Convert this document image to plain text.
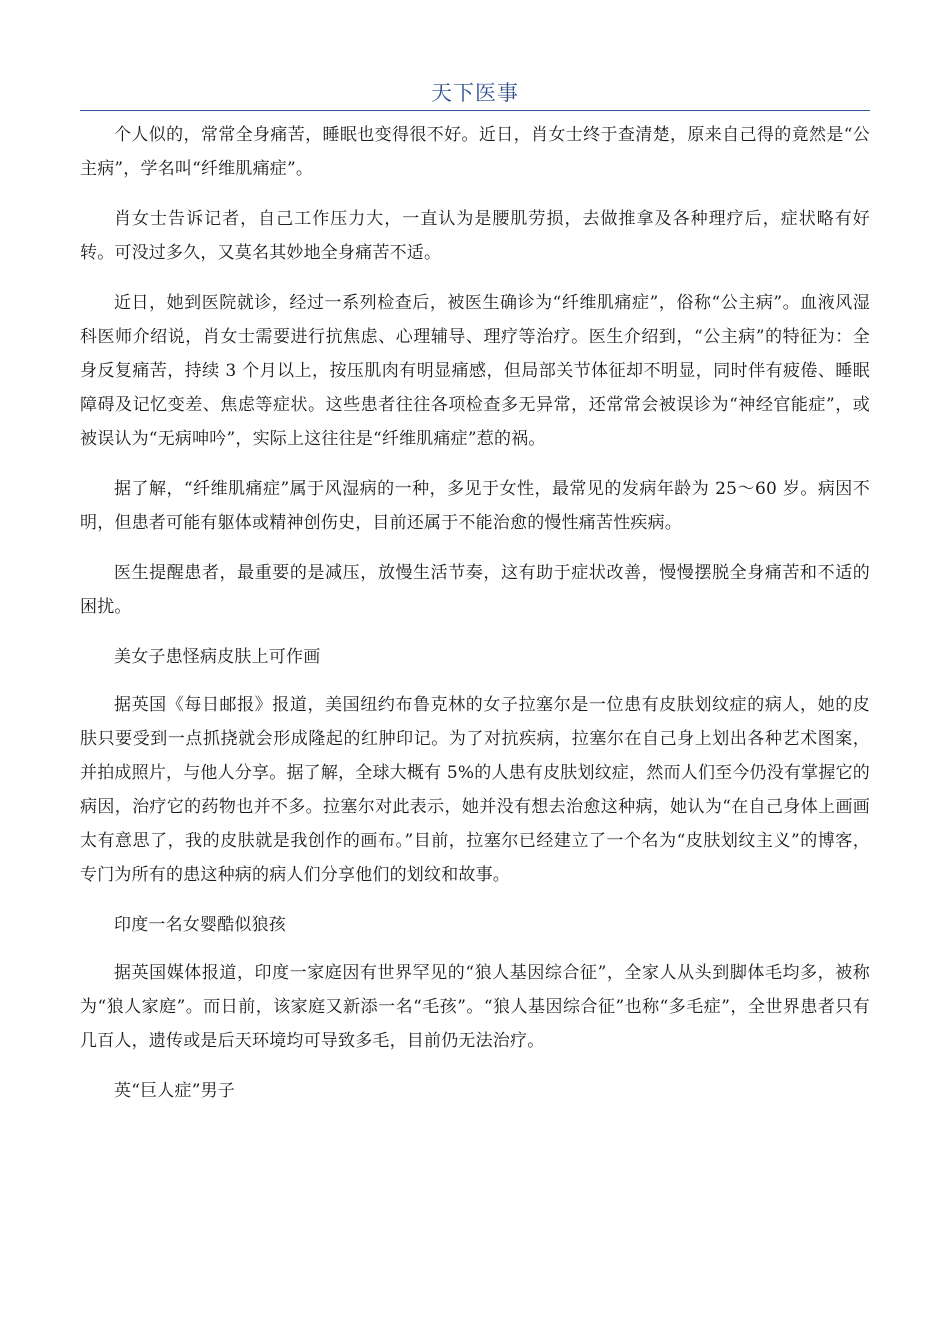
天下医事

个人似的，常常全身痛苦，睡眠也变得很不好。近日，肖女士终于查清楚，原来自己得的竟然是“公主病”，学名叫“纤维肌痛症”。

肖女士告诉记者，自己工作压力大，一直认为是腰肌劳损，去做推拿及各种理疗后，症状略有好转。可没过多久，又莫名其妙地全身痛苦不适。

近日，她到医院就诊，经过一系列检查后，被医生确诊为“纤维肌痛症”，俗称“公主病”。血液风湿科医师介绍说，肖女士需要进行抗焦虑、心理辅导、理疗等治疗。医生介绍到，“公主病”的特征为：全身反复痛苦，持续 3 个月以上，按压肌肉有明显痛感，但局部关节体征却不明显，同时伴有疲倦、睡眠障碍及记忆变差、焦虑等症状。这些患者往往各项检查多无异常，还常常会被误诊为“神经官能症”，或被误认为“无病呻吟”，实际上这往往是“纤维肌痛症”惹的祸。

据了解，“纤维肌痛症”属于风湿病的一种，多见于女性，最常见的发病年龄为 25～60 岁。病因不明，但患者可能有躯体或精神创伤史，目前还属于不能治愈的慢性痛苦性疾病。

医生提醒患者，最重要的是减压，放慢生活节奏，这有助于症状改善，慢慢摆脱全身痛苦和不适的困扰。

美女子患怪病皮肤上可作画

据英国《每日邮报》报道，美国纽约布鲁克林的女子拉塞尔是一位患有皮肤划纹症的病人，她的皮肤只要受到一点抓挠就会形成隆起的红肿印记。为了对抗疾病，拉塞尔在自己身上划出各种艺术图案，并拍成照片，与他人分享。据了解，全球大概有 5%的人患有皮肤划纹症，然而人们至今仍没有掌握它的病因，治疗它的药物也并不多。拉塞尔对此表示，她并没有想去治愈这种病，她认为“在自己身体上画画太有意思了，我的皮肤就是我创作的画布。”目前，拉塞尔已经建立了一个名为“皮肤划纹主义”的博客，专门为所有的患这种病的病人们分享他们的划纹和故事。

印度一名女婴酷似狼孩

据英国媒体报道，印度一家庭因有世界罕见的“狼人基因综合征”，全家人从头到脚体毛均多，被称为“狼人家庭”。而日前，该家庭又新添一名“毛孩”。“狼人基因综合征”也称“多毛症”，全世界患者只有几百人，遗传或是后天环境均可导致多毛，目前仍无法治疗。

英“巨人症”男子
